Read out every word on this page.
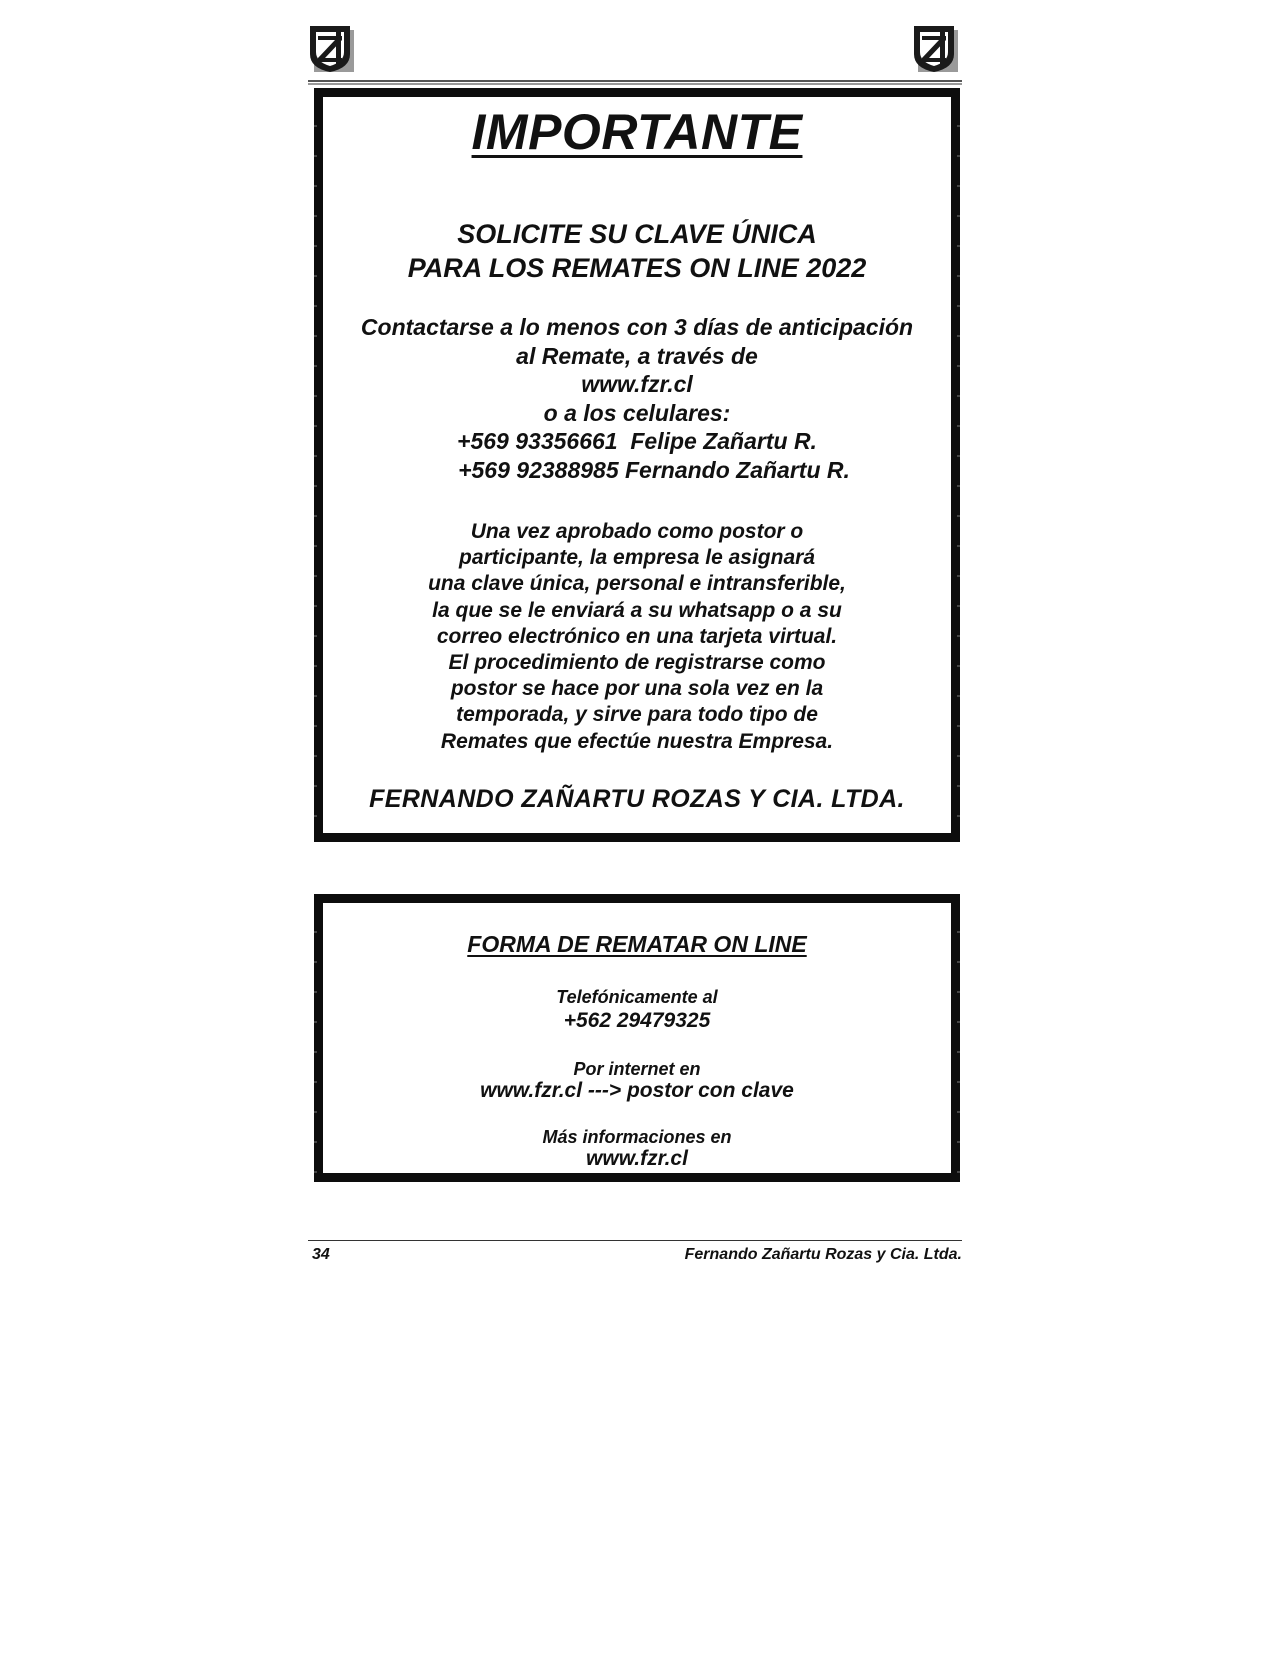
IMPORTANTE
SOLICITE SU CLAVE ÚNICA
PARA LOS REMATES ON LINE 2022
Contactarse a lo menos con 3 días de anticipación
al Remate, a través de
www.fzr.cl
o a los celulares:
+569 93356661  Felipe Zañartu R.
+569 92388985 Fernando Zañartu R.
Una vez aprobado como postor o
participante, la empresa le asignará
una clave única, personal e intransferible,
la que se le enviará a su whatsapp o a su
correo electrónico en una tarjeta virtual.
El procedimiento de registrarse como
postor se hace por una sola vez en la
temporada, y sirve para todo tipo de
Remates que efectúe nuestra Empresa.
FERNANDO ZAÑARTU ROZAS Y CIA. LTDA.
FORMA DE REMATAR ON LINE
Telefónicamente al
+562 29479325
Por internet en
www.fzr.cl ---> postor con clave
Más informaciones en
www.fzr.cl
34	Fernando Zañartu Rozas y Cia. Ltda.
